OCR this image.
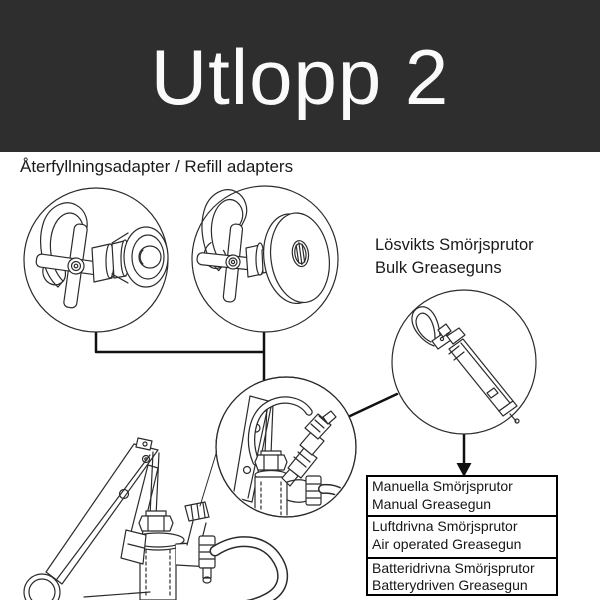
Utlopp 2
Återfyllningsadapter / Refill adapters
Lösvikts Smörjsprutor
Bulk Greaseguns
Manuella Smörjsprutor
Manual Greasegun
Luftdrivna Smörjsprutor
Air operated Greasegun
Batteridrivna Smörjsprutor
Batterydriven Greasegun
